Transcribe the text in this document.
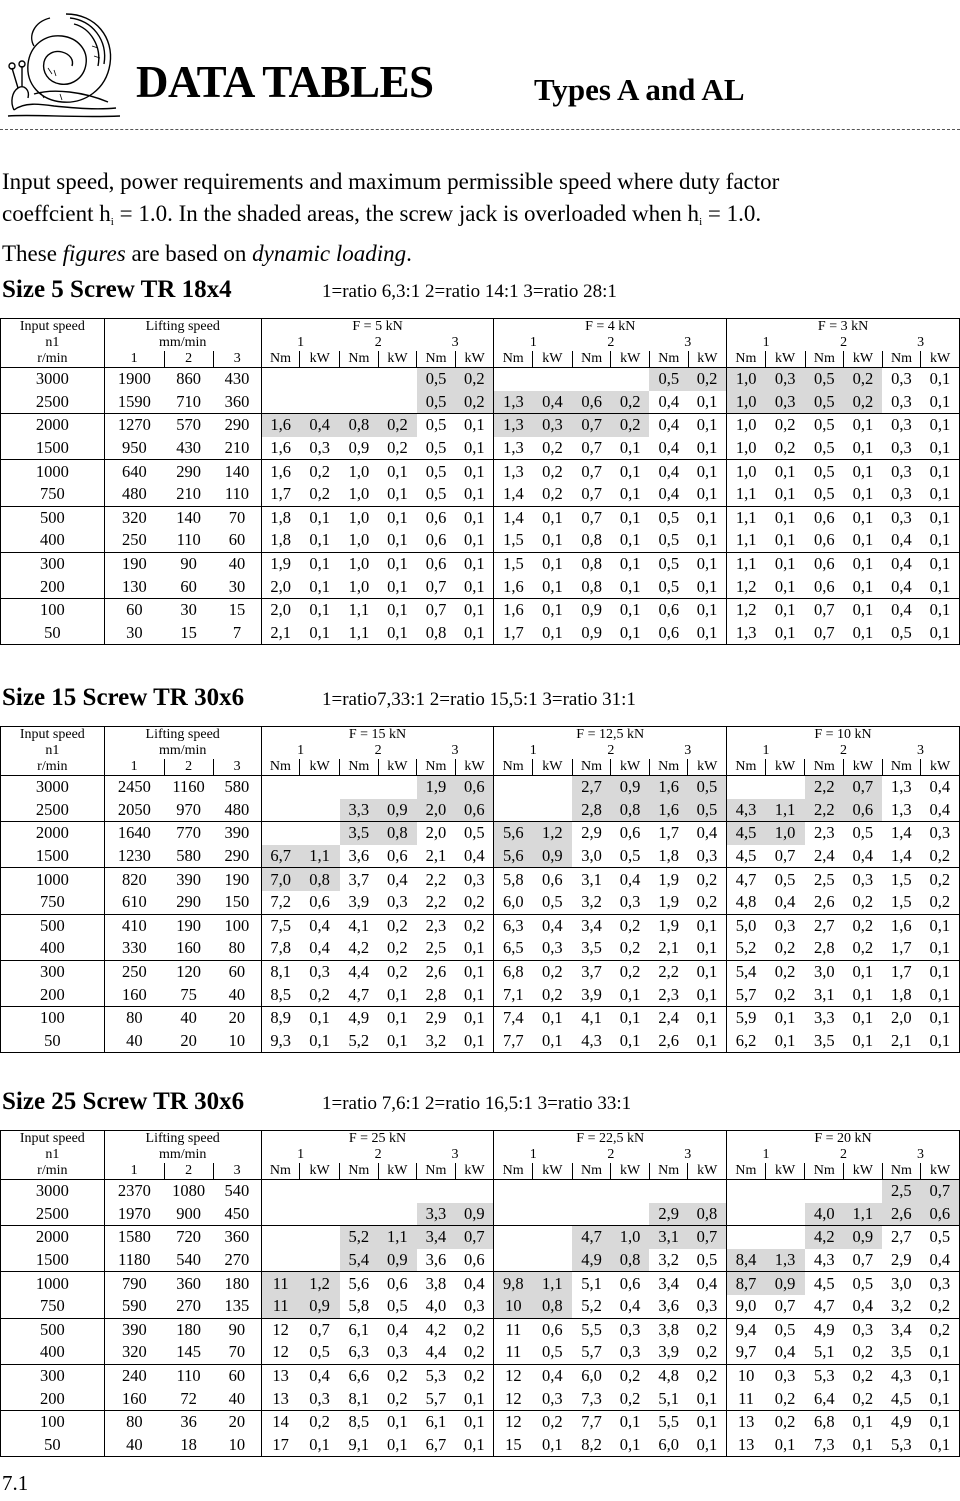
DATA TABLES	Types A and AL
Input speed, power requirements and maximum permissible speed where duty factor
coeffcient $h_i = 1.0$. In the shaded areas, the screw jack is overloaded when $h_i = 1.0$.
These figures are based on dynamic loading.
Size 5 Screw TR 18x4	1=ratio 6,3:1 2=ratio 14:1 3=ratio 28:1
Input speed	Lifting speed			F = 5 kN						F = 4 kN						F = 3 kN					
n1	mm/min			1		2		3		1		2		3		1		2		3	
r/min	1	2	3	Nm	kW	Nm	kW	Nm	kW	Nm	kW	Nm	kW	Nm	kW	Nm	kW	Nm	kW	Nm	kW
3000	1900	860	430					0,5	0,2					0,5	0,2	1,0	0,3	0,5	0,2	0,3	0,1
2500	1590	710	360					0,5	0,2	1,3	0,4	0,6	0,2	0,4	0,1	1,0	0,3	0,5	0,2	0,3	0,1
2000	1270	570	290	1,6	0,4	0,8	0,2	0,5	0,1	1,3	0,3	0,7	0,2	0,4	0,1	1,0	0,2	0,5	0,1	0,3	0,1
1500	950	430	210	1,6	0,3	0,9	0,2	0,5	0,1	1,3	0,2	0,7	0,1	0,4	0,1	1,0	0,2	0,5	0,1	0,3	0,1
1000	640	290	140	1,6	0,2	1,0	0,1	0,5	0,1	1,3	0,2	0,7	0,1	0,4	0,1	1,0	0,1	0,5	0,1	0,3	0,1
750	480	210	110	1,7	0,2	1,0	0,1	0,5	0,1	1,4	0,2	0,7	0,1	0,4	0,1	1,1	0,1	0,5	0,1	0,3	0,1
500	320	140	70	1,8	0,1	1,0	0,1	0,6	0,1	1,4	0,1	0,7	0,1	0,5	0,1	1,1	0,1	0,6	0,1	0,3	0,1
400	250	110	60	1,8	0,1	1,0	0,1	0,6	0,1	1,5	0,1	0,8	0,1	0,5	0,1	1,1	0,1	0,6	0,1	0,4	0,1
300	190	90	40	1,9	0,1	1,0	0,1	0,6	0,1	1,5	0,1	0,8	0,1	0,5	0,1	1,1	0,1	0,6	0,1	0,4	0,1
200	130	60	30	2,0	0,1	1,0	0,1	0,7	0,1	1,6	0,1	0,8	0,1	0,5	0,1	1,2	0,1	0,6	0,1	0,4	0,1
100	60	30	15	2,0	0,1	1,1	0,1	0,7	0,1	1,6	0,1	0,9	0,1	0,6	0,1	1,2	0,1	0,7	0,1	0,4	0,1
50	30	15	7	2,1	0,1	1,1	0,1	0,8	0,1	1,7	0,1	0,9	0,1	0,6	0,1	1,3	0,1	0,7	0,1	0,5	0,1
Size 15 Screw TR 30x6	1=ratio7,33:1 2=ratio 15,5:1 3=ratio 31:1
Input speed	Lifting speed			F = 15 kN						F = 12,5 kN						F = 10 kN					
n1	mm/min			1		2		3		1		2		3		1		2		3	
r/min	1	2	3	Nm	kW	Nm	kW	Nm	kW	Nm	kW	Nm	kW	Nm	kW	Nm	kW	Nm	kW	Nm	kW
3000	2450	1160	580					1,9	0,6			2,7	0,9	1,6	0,5			2,2	0,7	1,3	0,4
2500	2050	970	480			3,3	0,9	2,0	0,6			2,8	0,8	1,6	0,5	4,3	1,1	2,2	0,6	1,3	0,4
2000	1640	770	390			3,5	0,8	2,0	0,5	5,6	1,2	2,9	0,6	1,7	0,4	4,5	1,0	2,3	0,5	1,4	0,3
1500	1230	580	290	6,7	1,1	3,6	0,6	2,1	0,4	5,6	0,9	3,0	0,5	1,8	0,3	4,5	0,7	2,4	0,4	1,4	0,2
1000	820	390	190	7,0	0,8	3,7	0,4	2,2	0,3	5,8	0,6	3,1	0,4	1,9	0,2	4,7	0,5	2,5	0,3	1,5	0,2
750	610	290	150	7,2	0,6	3,9	0,3	2,2	0,2	6,0	0,5	3,2	0,3	1,9	0,2	4,8	0,4	2,6	0,2	1,5	0,2
500	410	190	100	7,5	0,4	4,1	0,2	2,3	0,2	6,3	0,4	3,4	0,2	1,9	0,1	5,0	0,3	2,7	0,2	1,6	0,1
400	330	160	80	7,8	0,4	4,2	0,2	2,5	0,1	6,5	0,3	3,5	0,2	2,1	0,1	5,2	0,2	2,8	0,2	1,7	0,1
300	250	120	60	8,1	0,3	4,4	0,2	2,6	0,1	6,8	0,2	3,7	0,2	2,2	0,1	5,4	0,2	3,0	0,1	1,7	0,1
200	160	75	40	8,5	0,2	4,7	0,1	2,8	0,1	7,1	0,2	3,9	0,1	2,3	0,1	5,7	0,2	3,1	0,1	1,8	0,1
100	80	40	20	8,9	0,1	4,9	0,1	2,9	0,1	7,4	0,1	4,1	0,1	2,4	0,1	5,9	0,1	3,3	0,1	2,0	0,1
50	40	20	10	9,3	0,1	5,2	0,1	3,2	0,1	7,7	0,1	4,3	0,1	2,6	0,1	6,2	0,1	3,5	0,1	2,1	0,1
Size 25 Screw TR 30x6	1=ratio 7,6:1 2=ratio 16,5:1 3=ratio 33:1
Input speed	Lifting speed			F = 25 kN						F = 22,5 kN						F = 20 kN					
n1	mm/min			1		2		3		1		2		3		1		2		3	
r/min	1	2	3	Nm	kW	Nm	kW	Nm	kW	Nm	kW	Nm	kW	Nm	kW	Nm	kW	Nm	kW	Nm	kW
3000	2370	1080	540																	2,5	0,7
2500	1970	900	450					3,3	0,9					2,9	0,8			4,0	1,1	2,6	0,6
2000	1580	720	360			5,2	1,1	3,4	0,7			4,7	1,0	3,1	0,7			4,2	0,9	2,7	0,5
1500	1180	540	270			5,4	0,9	3,6	0,6			4,9	0,8	3,2	0,5	8,4	1,3	4,3	0,7	2,9	0,4
1000	790	360	180	11	1,2	5,6	0,6	3,8	0,4	9,8	1,1	5,1	0,6	3,4	0,4	8,7	0,9	4,5	0,5	3,0	0,3
750	590	270	135	11	0,9	5,8	0,5	4,0	0,3	10	0,8	5,2	0,4	3,6	0,3	9,0	0,7	4,7	0,4	3,2	0,2
500	390	180	90	12	0,7	6,1	0,4	4,2	0,2	11	0,6	5,5	0,3	3,8	0,2	9,4	0,5	4,9	0,3	3,4	0,2
400	320	145	70	12	0,5	6,3	0,3	4,4	0,2	11	0,5	5,7	0,3	3,9	0,2	9,7	0,4	5,1	0,2	3,5	0,1
300	240	110	60	13	0,4	6,6	0,2	5,3	0,2	12	0,4	6,0	0,2	4,8	0,2	10	0,3	5,3	0,2	4,3	0,1
200	160	72	40	13	0,3	8,1	0,2	5,7	0,1	12	0,3	7,3	0,2	5,1	0,1	11	0,2	6,4	0,2	4,5	0,1
100	80	36	20	14	0,2	8,5	0,1	6,1	0,1	12	0,2	7,7	0,1	5,5	0,1	13	0,2	6,8	0,1	4,9	0,1
50	40	18	10	17	0,1	9,1	0,1	6,7	0,1	15	0,1	8,2	0,1	6,0	0,1	13	0,1	7,3	0,1	5,3	0,1
7.1
